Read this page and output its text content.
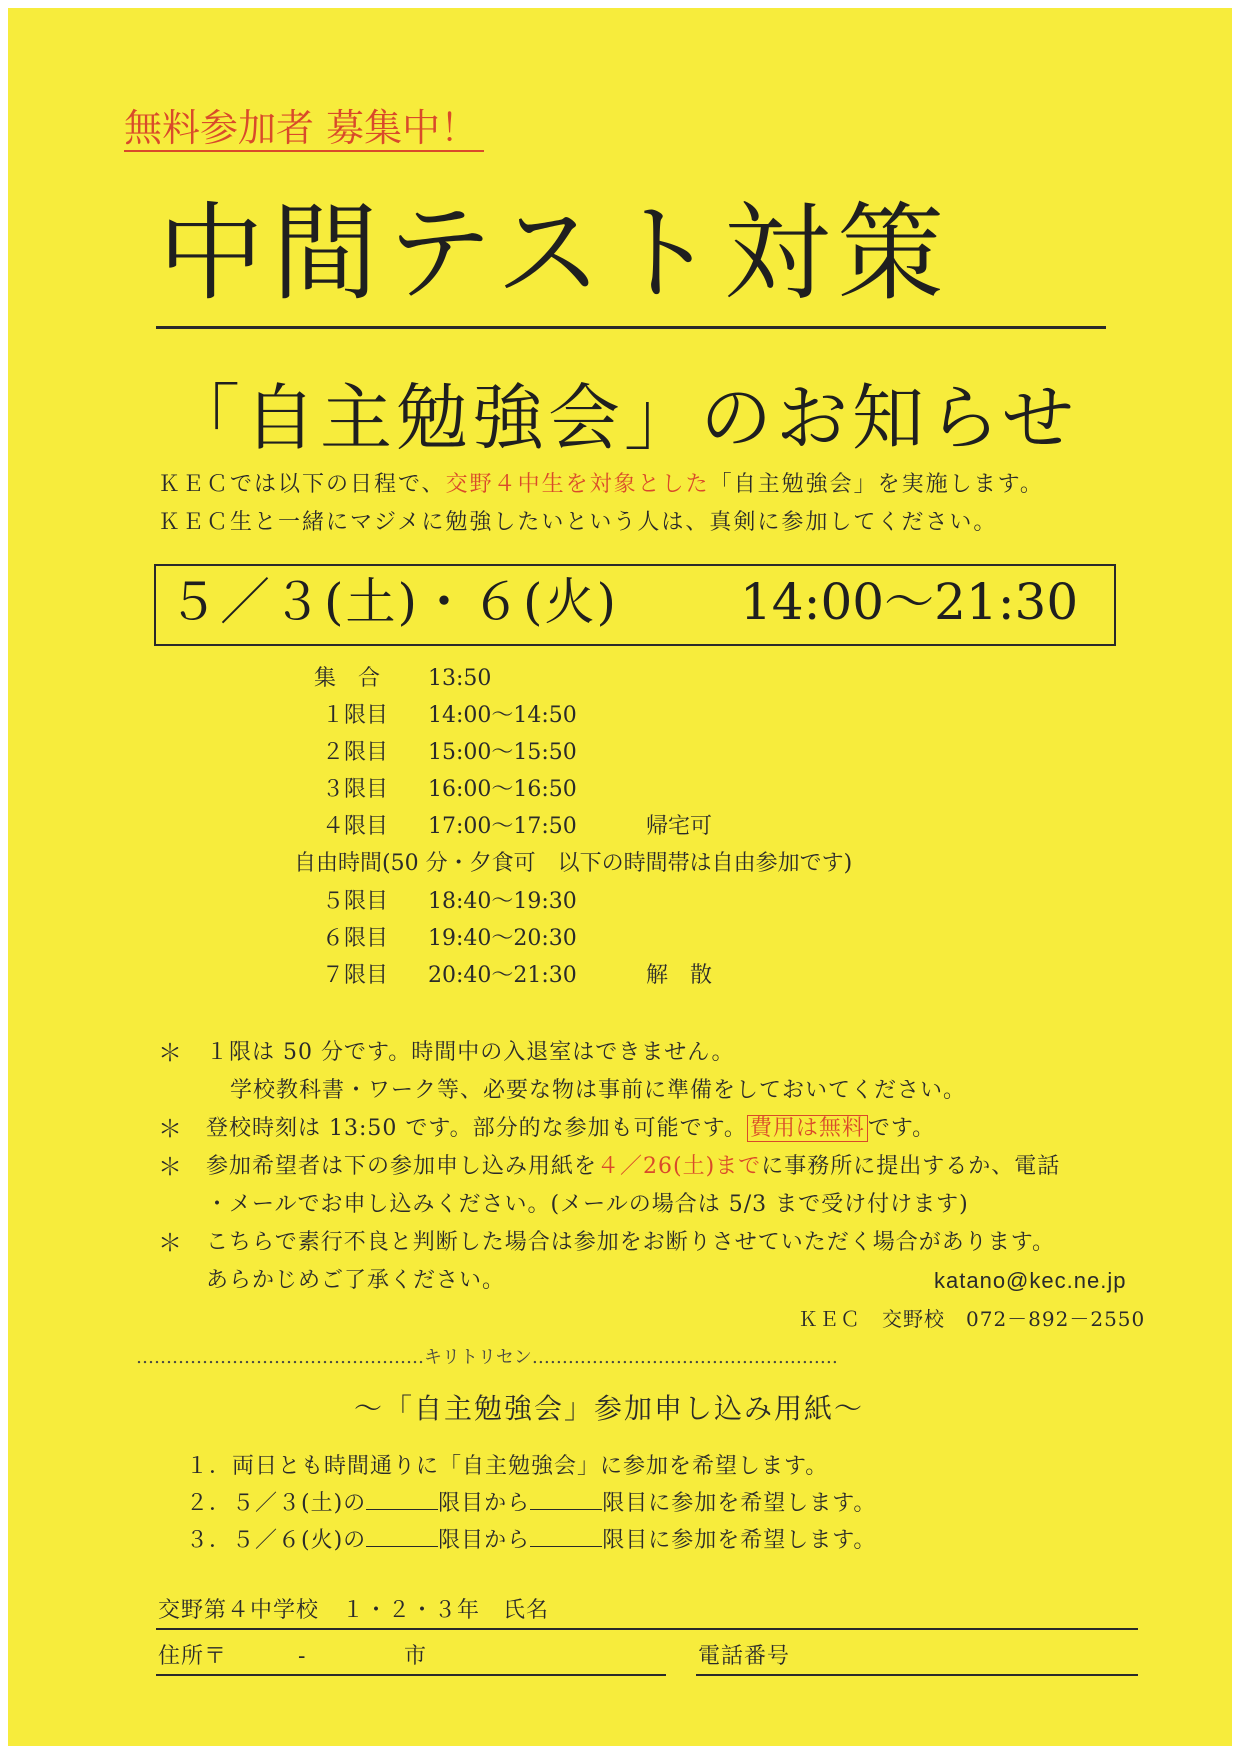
無料参加者 募集中！
中間テスト対策
「自主勉強会」のお知らせ
ＫＥＣでは以下の日程で、交野４中生を対象とした「自主勉強会」を実施します。
ＫＥＣ生と一緒にマジメに勉強したいという人は、真剣に参加してください。
５／３(土)・６(火) 14:00～21:30
集　合 13:50
１限目 14:00～14:50
２限目 15:00～15:50
３限目 16:00～16:50
４限目 17:00～17:50	帰宅可
自由時間(50 分・夕食可　以下の時間帯は自由参加です)
５限目 18:40～19:30
６限目 19:40～20:30
７限目 20:40～21:30	解　散
＊ １限は 50 分です。時間中の入退室はできません。
学校教科書・ワーク等、必要な物は事前に準備をしておいてください。
＊ 登校時刻は 13:50 です。部分的な参加も可能です。 費用は無料 です。
＊ 参加希望者は下の参加申し込み用紙を４／26(土)までに事務所に提出するか、電話
・メールでお申し込みください。(メールの場合は 5/3 まで受け付けます)
＊ こちらで素行不良と判断した場合は参加をお断りさせていただく場合があります。
あらかじめご了承ください。	katano@kec.ne.jp
ＫＥＣ　交野校　072－892－2550
…………………………………………キリトリセン……………………………………………
～「自主勉強会」参加申し込み用紙～
１．両日とも時間通りに「自主勉強会」に参加を希望します。
２．５／３(土)の	限目から	限目に参加を希望します。
３．５／６(火)の	限目から	限目に参加を希望します。
交野第４中学校　１・２・３年　氏名
住所〒	-	市	電話番号
